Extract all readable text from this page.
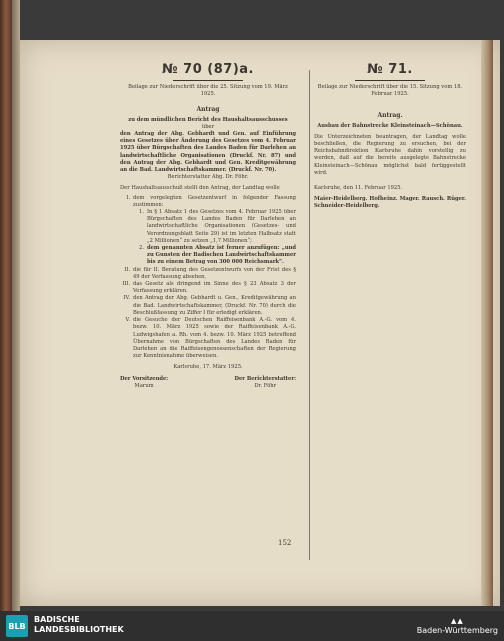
№ 70 (87)a.
Beilage zur Niederschrift über die 25. Sitzung vom 19. März 1925.
Antrag
zu dem mündlichen Bericht des Haushaltsausschusses
über
den Antrag der Abg. Gebhardt und Gen. auf Einführung eines Gesetzes über Änderung des Gesetzes vom 4. Februar 1925 über Bürgschaften des Landes Baden für Darlehen an landwirtschaftliche Organisationen (Druckf. Nr. 87) und den Antrag der Abg. Gebhardt und Gen. Kreditgewährung an die Bad. Landwirtschaftskammer. (Druckf. Nr. 70).
Berichterstatter Abg. Dr. Föhr.
Der Haushaltsausschuß stellt den Antrag, der Landtag wolle
I. dem vorgelegten Gesetzentwurf in folgender Fassung zustimmen:
1. In § 1 Absatz 1 des Gesetzes vom 4. Februar 1925 über Bürgschaften des Landes Baden für Darlehen an landwirtschaftliche Organisationen (Gesetzes- und Verordnungsblatt Seite 29) ist im letzten Halbsatz statt „2 Millionen“ zu setzen „1,7 Millionen“;
2. dem genannten Absatz ist ferner anzufügen: „und zu Gunsten der Badischen Landwirtschaftskammer bis zu einem Betrag von 300 000 Reichsmark“.
II. die für II. Beratung des Gesetzentwurfs von der Frist des § 49 der Verfassung absehen,
III. das Gesetz als dringend im Sinne des § 23 Absatz 3 der Verfassung erklären.
IV. den Antrag der Abg. Gebhardt u. Gen., Kreditgewährung an die Bad. Landwirtschaftskammer, (Druckf. Nr. 70) durch die Beschlußfassung zu Ziffer I für erledigt erklären.
V. die Gesuche der Deutschen Raiffeisenbank A.-G. vom 4. bezw. 10. März 1925 sowie der Raiffeisenbank A.-G. Ludwigshafen a. Rh. vom 4. bezw. 10. März 1925 betreffend Übernahme von Bürgschaften des Landes Baden für Darlehen an die Raiffeisengenossenschaften der Regierung zur Kenntnisnahme überweisen.
Karlsruhe, 17. März 1925.
Der Vorsitzende:
Marum
Der Berichterstatter:
Dr. Föhr
№ 71.
Beilage zur Niederschrift über die 15. Sitzung vom 18. Februar 1925.
Antrag.
Ausbau der Bahnstrecke Kleinsteinach—Schönau.
Die Unterzeichneten beantragen, der Landtag wolle beschließen, die Regierung zu ersuchen, bei der Reichsbahndirektion Karlsruhe dahin vorstellig zu werden, daß auf die bereits ausgelegte Bahnstrecke Kleinsteinach—Schönau möglichst bald fertiggestellt wird.
Karlsruhe, den 11. Februar 1925.
Maier-Heidelberg. Hofheinz. Mager. Rausch. Rüger. Schneider-Heidelberg.
152
BLB
BADISCHE
LANDESBIBLIOTHEK
▲▲
Baden-Württemberg
